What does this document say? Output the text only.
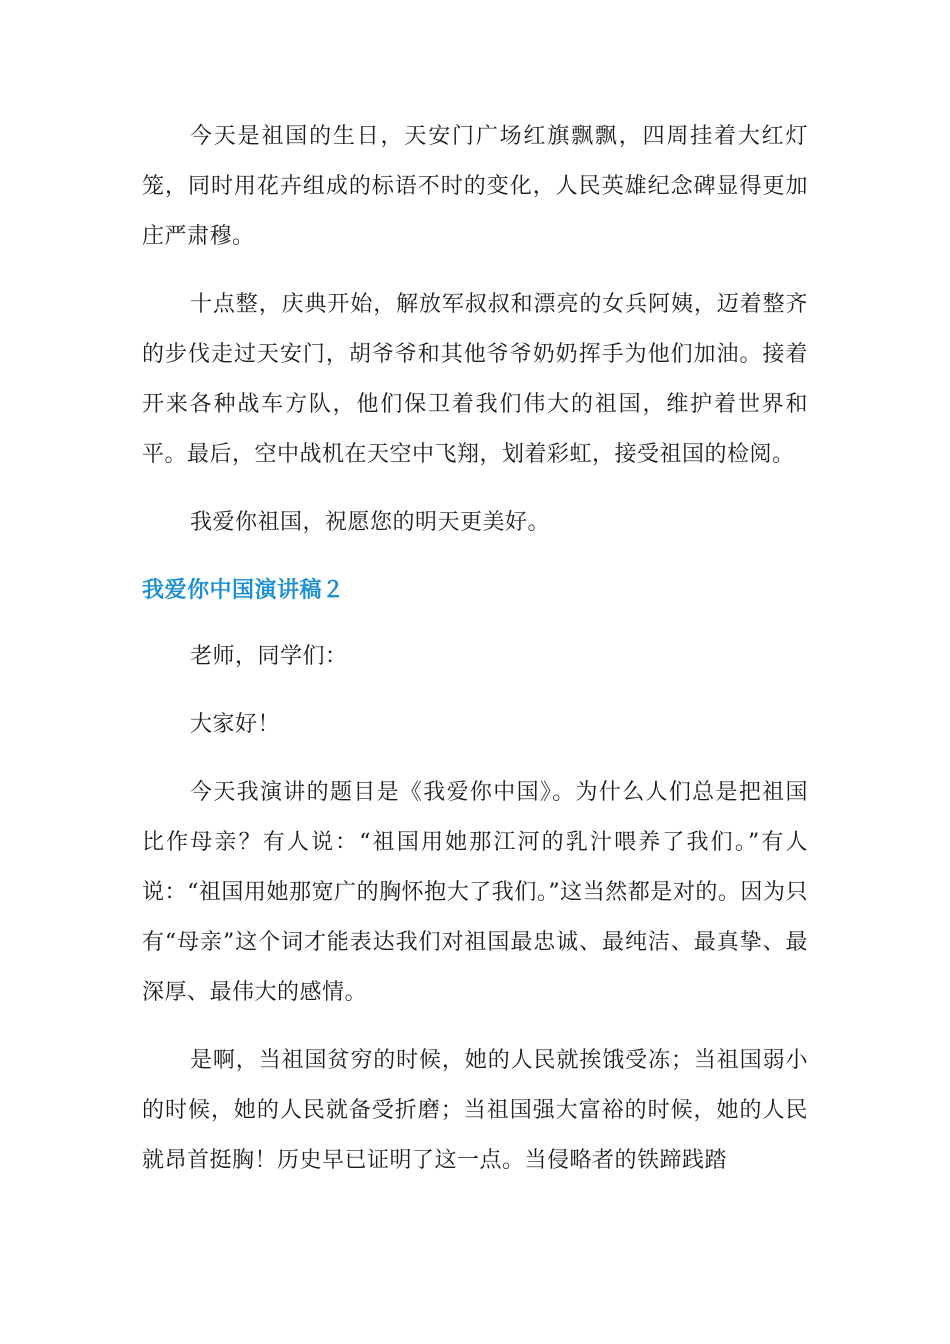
今天是祖国的生日，天安门广场红旗飘飘，四周挂着大红灯笼，同时用花卉组成的标语不时的变化，人民英雄纪念碑显得更加庄严肃穆。

十点整，庆典开始，解放军叔叔和漂亮的女兵阿姨，迈着整齐的步伐走过天安门，胡爷爷和其他爷爷奶奶挥手为他们加油。接着开来各种战车方队，他们保卫着我们伟大的祖国，维护着世界和平。最后，空中战机在天空中飞翔，划着彩虹，接受祖国的检阅。

我爱你祖国，祝愿您的明天更美好。

我爱你中国演讲稿２

老师，同学们：

大家好！

今天我演讲的题目是《我爱你中国》。为什么人们总是把祖国比作母亲？有人说：“祖国用她那江河的乳汁喂养了我们。”有人说：“祖国用她那宽广的胸怀抱大了我们。”这当然都是对的。因为只有“母亲”这个词才能表达我们对祖国最忠诚、最纯洁、最真挚、最深厚、最伟大的感情。

是啊，当祖国贫穷的时候，她的人民就挨饿受冻；当祖国弱小的时候，她的人民就备受折磨；当祖国强大富裕的时候，她的人民就昂首挺胸！历史早已证明了这一点。当侵略者的铁蹄践踏
